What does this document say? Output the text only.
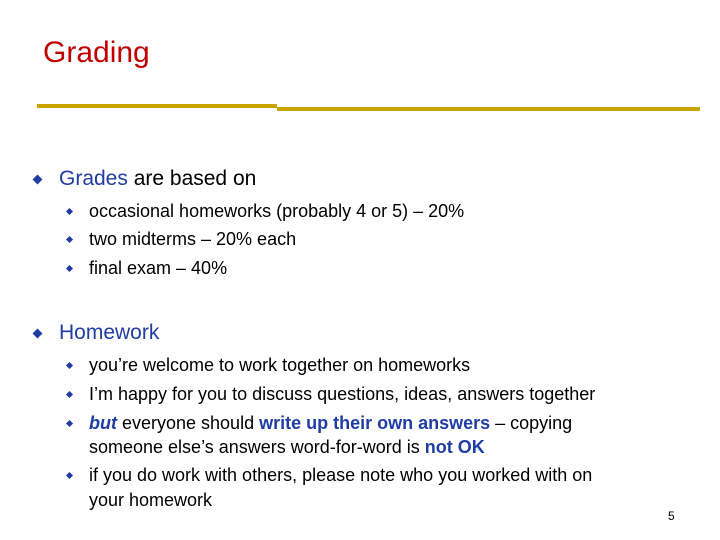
Grading
Grades are based on
occasional homeworks (probably 4 or 5) – 20%
two midterms – 20% each
final exam – 40%
Homework
you’re welcome to work together on homeworks
I’m happy for you to discuss questions, ideas, answers together
but everyone should write up their own answers – copying
someone else’s answers word-for-word is not OK
if you do work with others, please note who you worked with on
your homework
5
